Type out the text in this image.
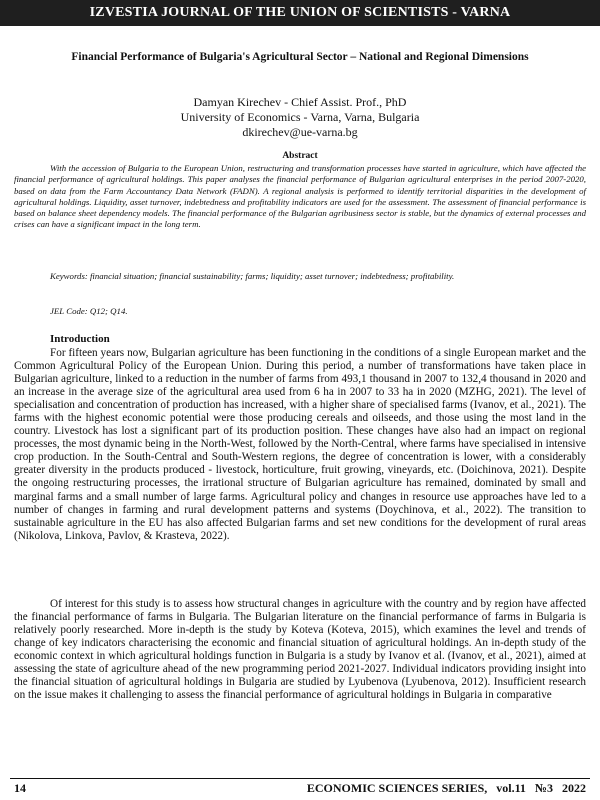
IZVESTIA JOURNAL OF THE UNION OF SCIENTISTS - VARNA
Financial Performance of Bulgaria's Agricultural Sector – National and Regional Dimensions
Damyan Kirechev - Chief Assist. Prof., PhD
University of Economics - Varna, Varna, Bulgaria
dkirechev@ue-varna.bg
Abstract

With the accession of Bulgaria to the European Union, restructuring and transformation processes have started in agriculture, which have affected the financial performance of agricultural holdings. This paper analyses the financial performance of Bulgarian agricultural enterprises in the period 2007-2020, based on data from the Farm Accountancy Data Network (FADN). A regional analysis is performed to identify territorial disparities in the development of agricultural holdings. Liquidity, asset turnover, indebtedness and profitability indicators are used for the assessment. The assessment of financial performance is based on balance sheet dependency models. The financial performance of the Bulgarian agribusiness sector is stable, but the dynamics of external processes and crises can have a significant impact in the long term.

Keywords: financial situation; financial sustainability; farms; liquidity; asset turnover; indebtedness; profitability.

JEL Code: Q12; Q14.

Introduction

For fifteen years now, Bulgarian agriculture has been functioning in the conditions of a single European market and the Common Agricultural Policy of the European Union. During this period, a number of transformations have taken place in Bulgarian agriculture, linked to a reduction in the number of farms from 493,1 thousand in 2007 to 132,4 thousand in 2020 and an increase in the average size of the agricultural area used from 6 ha in 2007 to 33 ha in 2020 (MZHG, 2021). The level of specialisation and concentration of production has increased, with a higher share of specialised farms (Ivanov, et al., 2021). The farms with the highest economic potential were those producing cereals and oilseeds, and those using the most land in the country. Livestock has lost a significant part of its production position. These changes have also had an impact on regional processes, the most dynamic being in the North-West, followed by the North-Central, where farms have specialised in intensive crop production. In the South-Central and South-Western regions, the degree of concentration is lower, with a considerably greater diversity in the products produced - livestock, horticulture, fruit growing, vineyards, etc. (Doichinova, 2021). Despite the ongoing restructuring processes, the irrational structure of Bulgarian agriculture has remained, dominated by small and marginal farms and a small number of large farms. Agricultural policy and changes in resource use approaches have led to a number of changes in farming and rural development patterns and systems (Doychinova, et al., 2022). The transition to sustainable agriculture in the EU has also affected Bulgarian farms and set new conditions for the development of rural areas (Nikolova, Linkova, Pavlov, & Krasteva, 2022).

Of interest for this study is to assess how structural changes in agriculture with the country and by region have affected the financial performance of farms in Bulgaria. The Bulgarian literature on the financial performance of farms in Bulgaria is relatively poorly researched. More in-depth is the study by Koteva (Koteva, 2015), which examines the level and trends of change of key indicators characterising the economic and financial situation of agricultural holdings. An in-depth study of the economic context in which agricultural holdings function in Bulgaria is a study by Ivanov et al. (Ivanov, et al., 2021), aimed at assessing the state of agriculture ahead of the new programming period 2021-2027. Individual indicators providing insight into the financial situation of agricultural holdings in Bulgaria are studied by Lyubenova (Lyubenova, 2012). Insufficient research on the issue makes it challenging to assess the financial performance of agricultural holdings in Bulgaria in comparative

14	ECONOMIC SCIENCES SERIES,   vol.11   №3   2022
